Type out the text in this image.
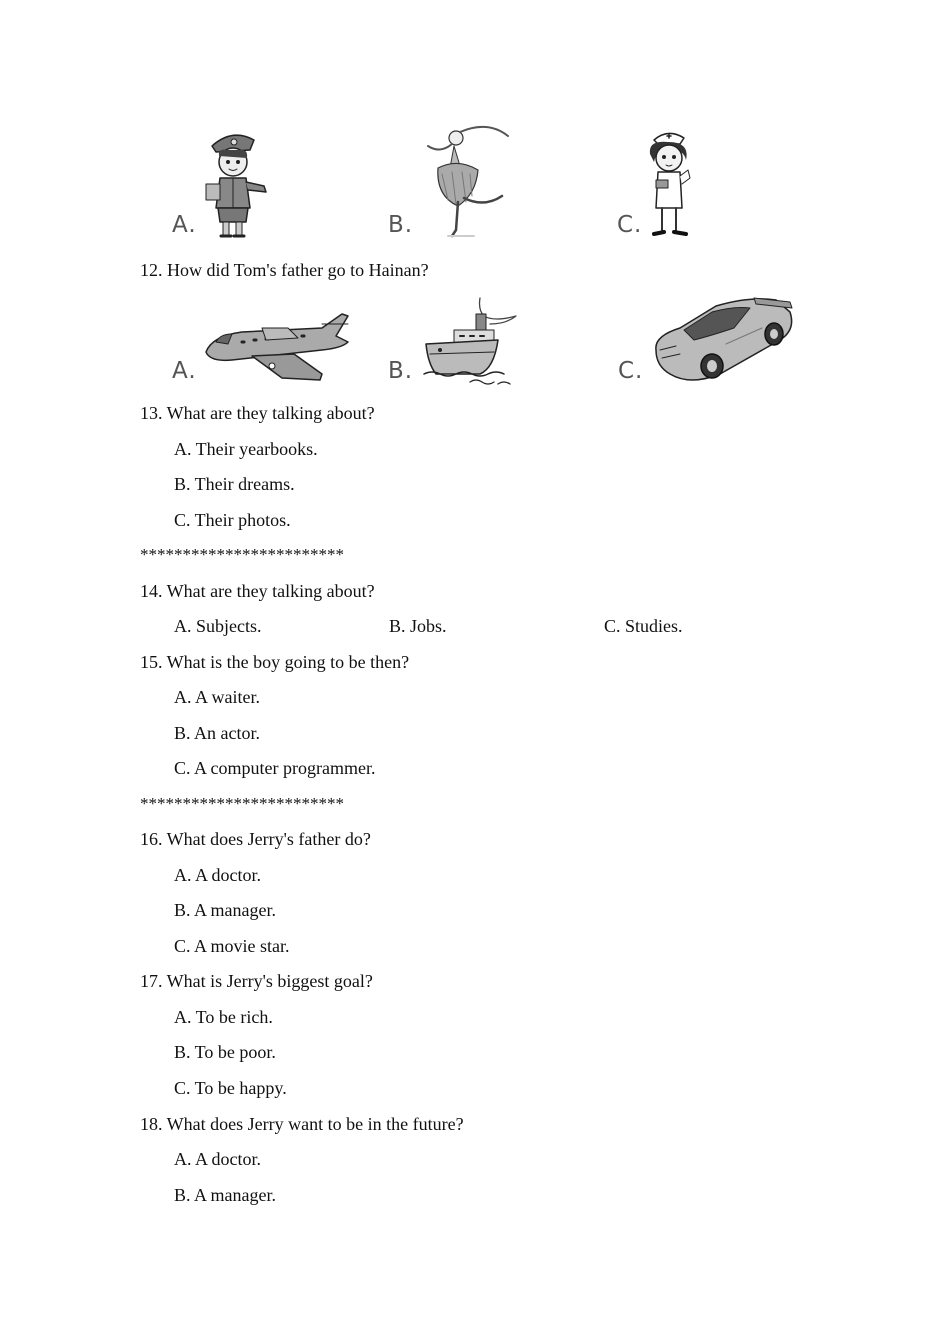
A.	B.	C.
12. How did Tom's father go to Hainan?
A.	B.	C.
13. What are they talking about?
A. Their yearbooks.
B. Their dreams.
C. Their photos.
************************
14. What are they talking about?
A. Subjects.	B. Jobs.	C. Studies.
15. What is the boy going to be then?
A. A waiter.
B. An actor.
C. A computer programmer.
************************
16. What does Jerry's father do?
A. A doctor.
B. A manager.
C. A movie star.
17. What is Jerry's biggest goal?
A. To be rich.
B. To be poor.
C. To be happy.
18. What does Jerry want to be in the future?
A. A doctor.
B. A manager.
